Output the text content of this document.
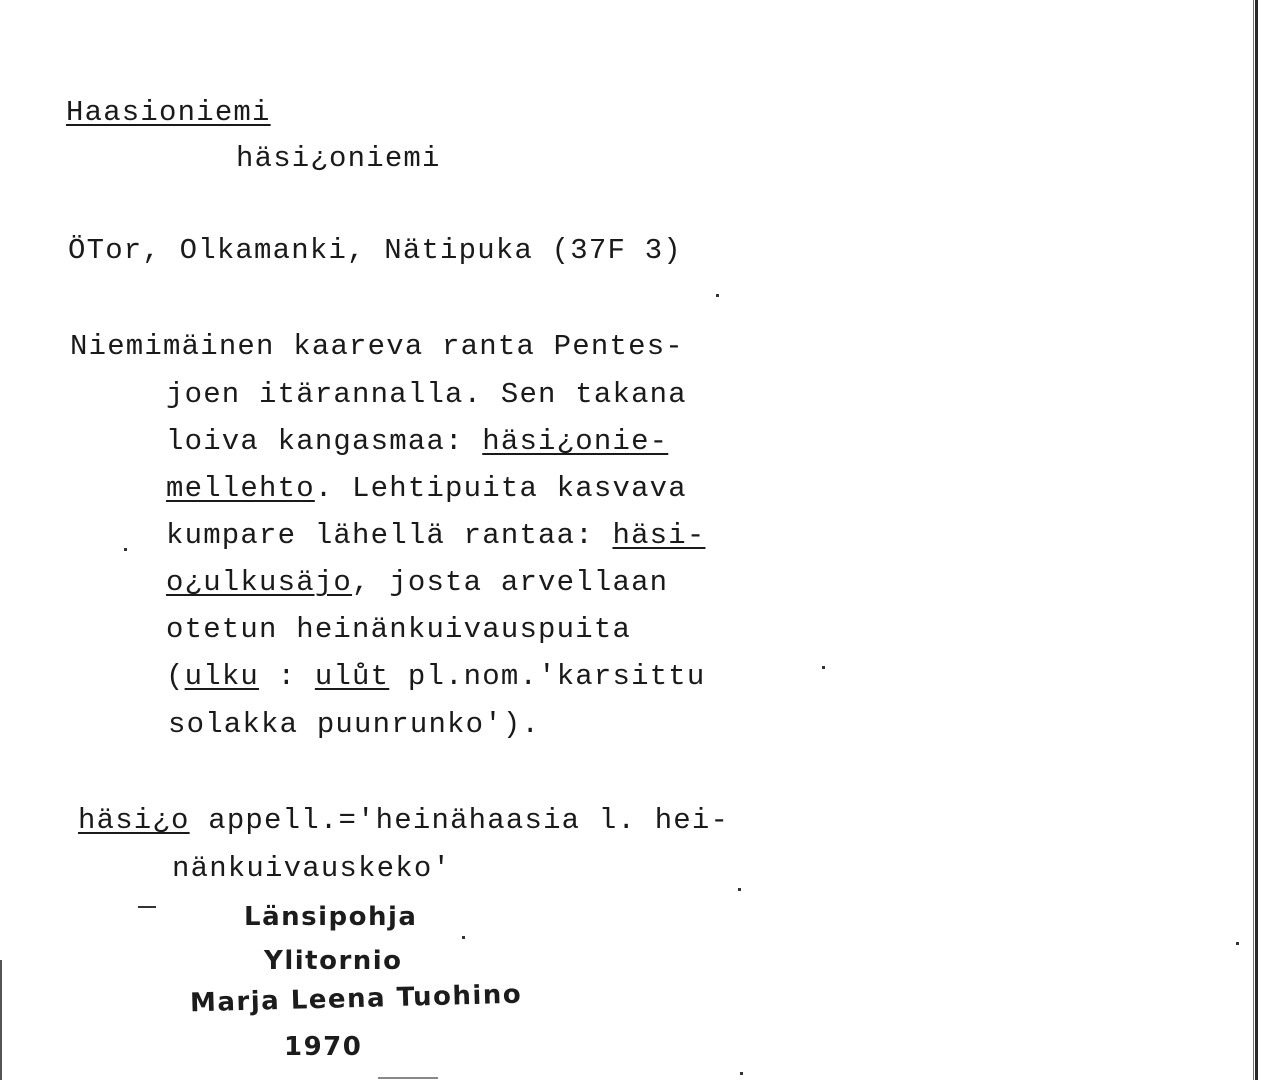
Haasioniemi
häsi¿oniemi
ÖTor, Olkamanki, Nätipuka (37F 3)
Niemimäinen kaareva ranta Pentes-
joen itärannalla. Sen takana
loiva kangasmaa: häsi¿onie-
mellehto. Lehtipuita kasvava
kumpare lähellä rantaa: häsi-
o¿ulkusäjo, josta arvellaan
otetun heinänkuivauspuita
(ulku : ulůt pl.nom.'karsittu
solakka puunrunko').
häsi¿o appell.='heinähaasia l. hei-
nänkuivauskeko'
Länsipohja
Ylitornio
Marja Leena Tuohino
1970
